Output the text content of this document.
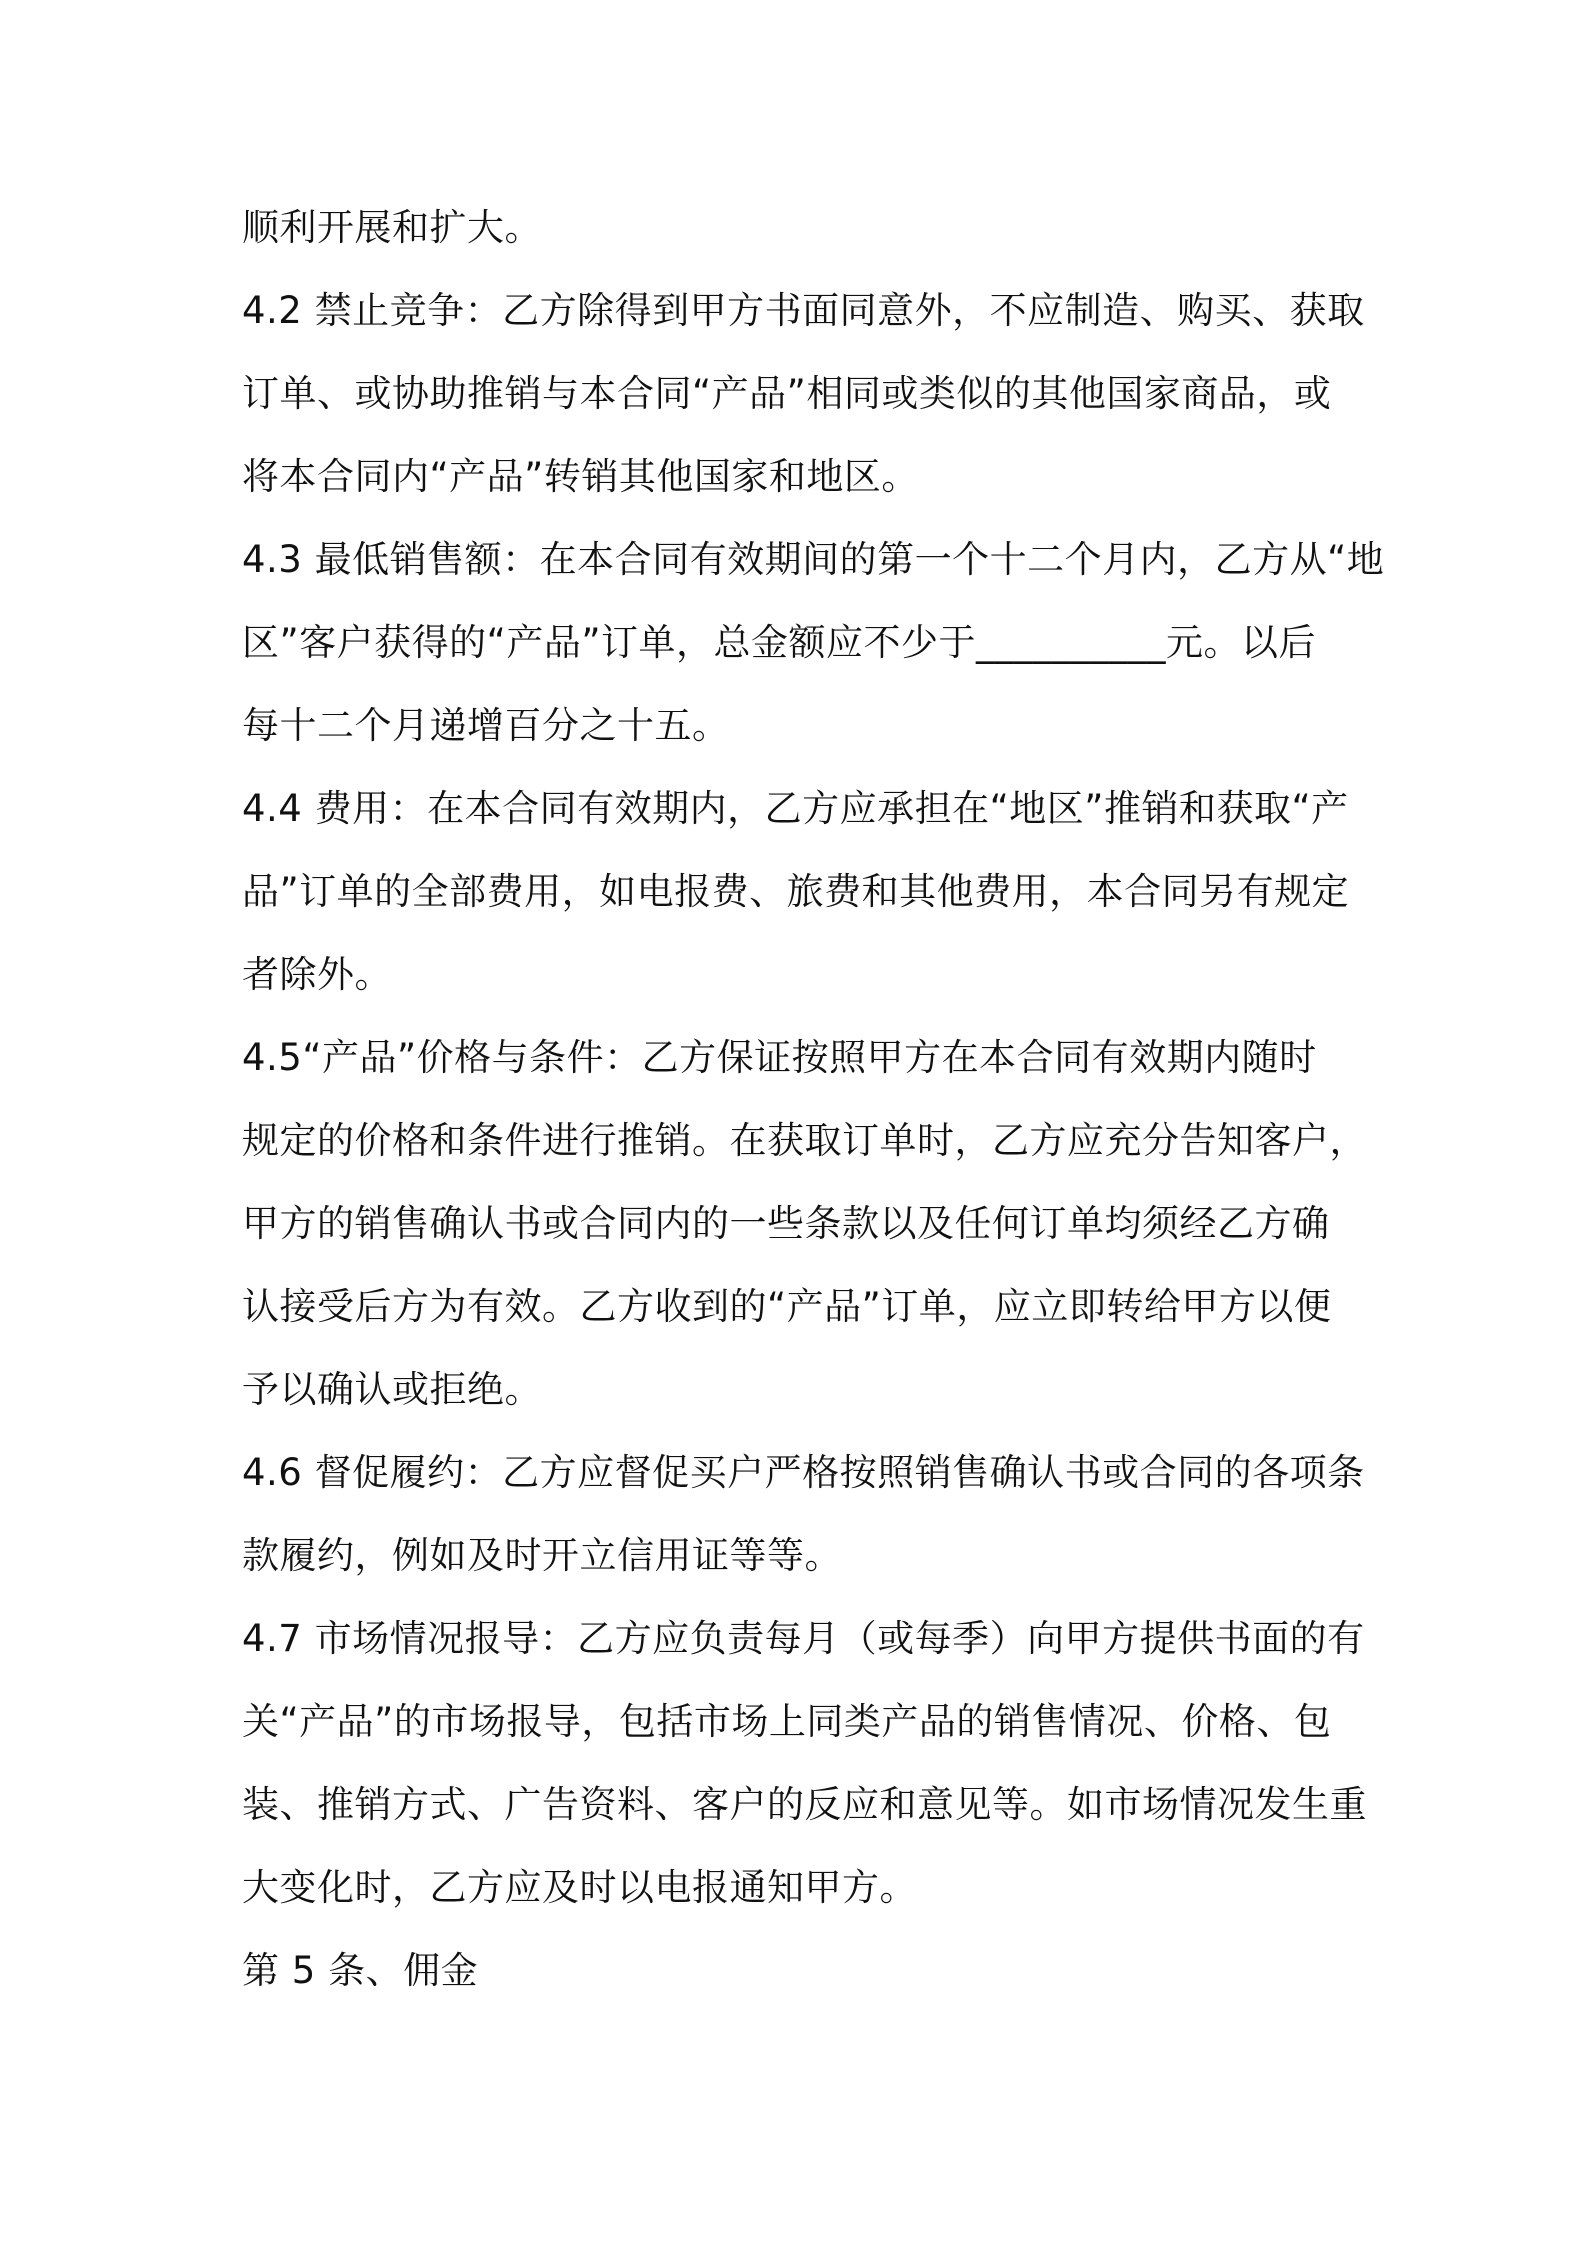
顺利开展和扩大。
4.2 禁止竞争：乙方除得到甲方书面同意外，不应制造、购买、获取
订单、或协助推销与本合同“产品”相同或类似的其他国家商品，或
将本合同内“产品”转销其他国家和地区。
4.3 最低销售额：在本合同有效期间的第一个十二个月内，乙方从“地
区”客户获得的“产品”订单，总金额应不少于__________元。以后
每十二个月递增百分之十五。
4.4 费用：在本合同有效期内，乙方应承担在“地区”推销和获取“产
品”订单的全部费用，如电报费、旅费和其他费用，本合同另有规定
者除外。
4.5“产品”价格与条件：乙方保证按照甲方在本合同有效期内随时
规定的价格和条件进行推销。在获取订单时，乙方应充分告知客户，
甲方的销售确认书或合同内的一些条款以及任何订单均须经乙方确
认接受后方为有效。乙方收到的“产品”订单，应立即转给甲方以便
予以确认或拒绝。
4.6 督促履约：乙方应督促买户严格按照销售确认书或合同的各项条
款履约，例如及时开立信用证等等。
4.7 市场情况报导：乙方应负责每月（或每季）向甲方提供书面的有
关“产品”的市场报导，包括市场上同类产品的销售情况、价格、包
装、推销方式、广告资料、客户的反应和意见等。如市场情况发生重
大变化时，乙方应及时以电报通知甲方。
第 5 条、佣金
